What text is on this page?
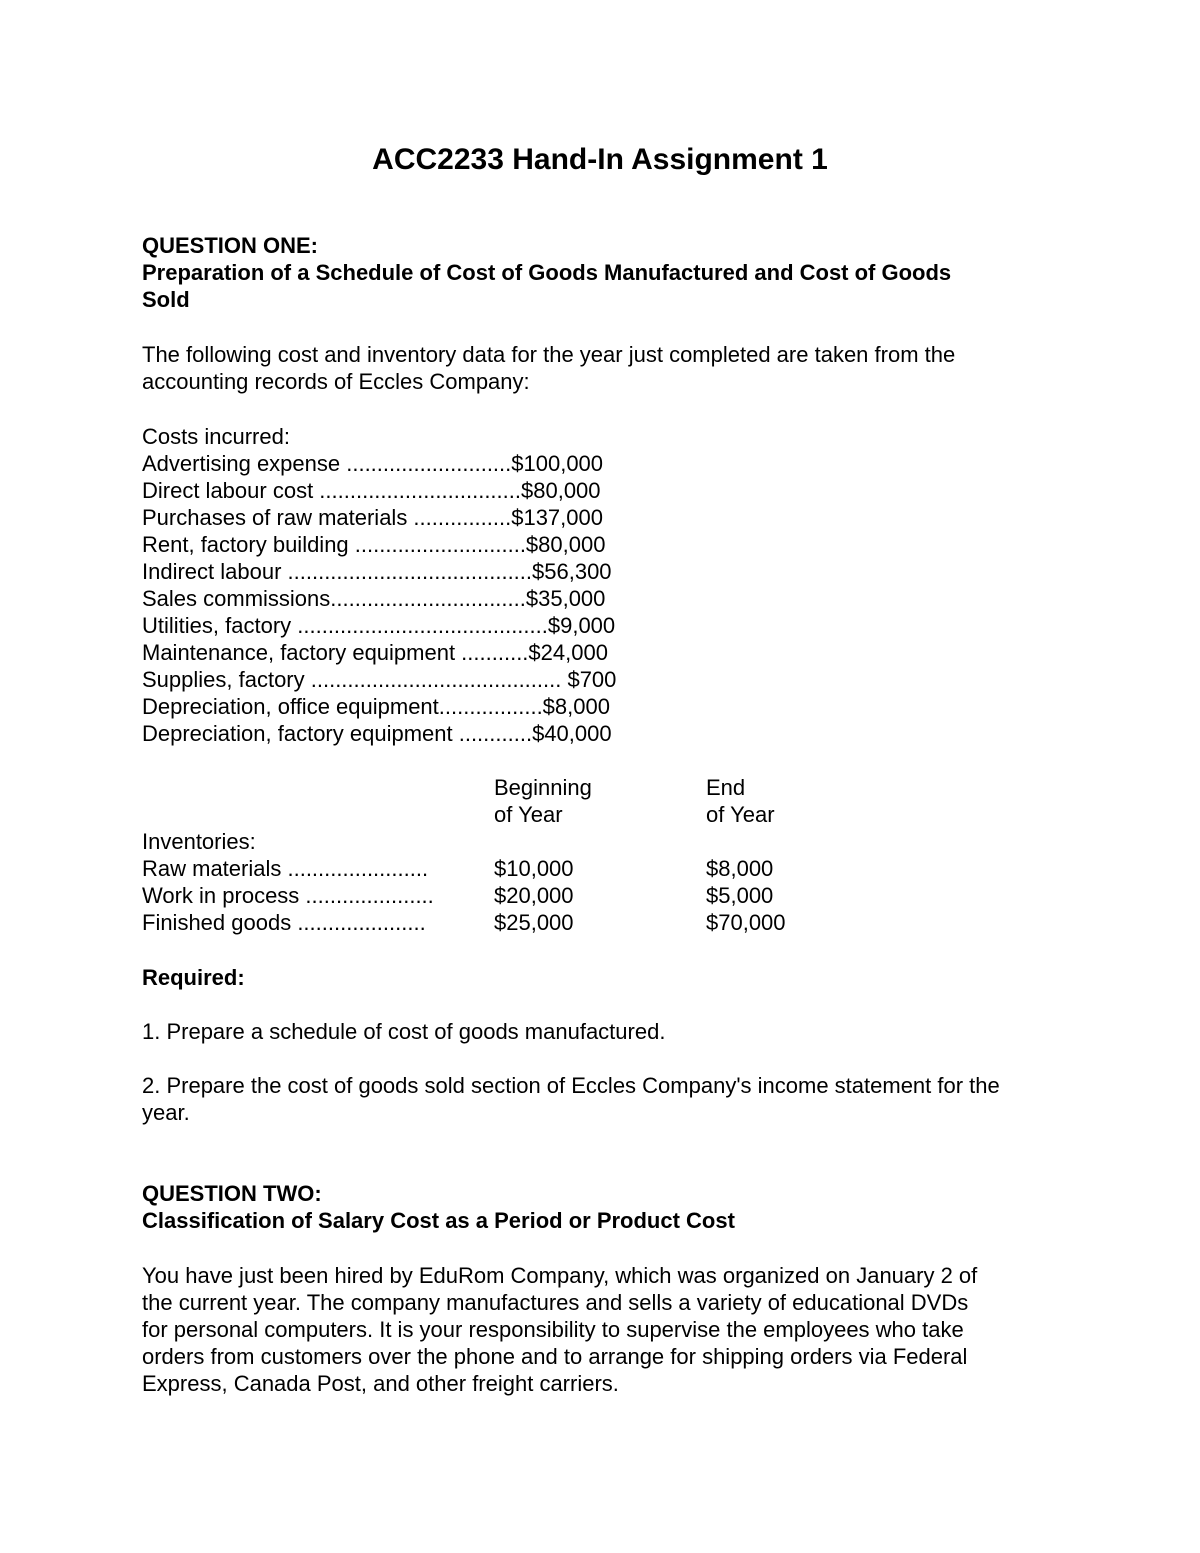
ACC2233 Hand-In Assignment 1
QUESTION ONE:
Preparation of a Schedule of Cost of Goods Manufactured and Cost of Goods
Sold
The following cost and inventory data for the year just completed are taken from the
accounting records of Eccles Company:
Costs incurred:
Advertising expense ...........................$100,000
Direct labour cost .................................$80,000
Purchases of raw materials ................$137,000
Rent, factory building ............................$80,000
Indirect labour ........................................$56,300
Sales commissions................................$35,000
Utilities, factory .........................................$9,000
Maintenance, factory equipment ...........$24,000
Supplies, factory ......................................... $700
Depreciation, office equipment.................$8,000
Depreciation, factory equipment ............$40,000
Beginning	End
of Year	of Year
Inventories:
Raw materials .......................	$10,000	$8,000
Work in process .....................	$20,000	$5,000
Finished goods .....................	$25,000	$70,000
Required:
1. Prepare a schedule of cost of goods manufactured.
2. Prepare the cost of goods sold section of Eccles Company's income statement for the
year.
QUESTION TWO:
Classification of Salary Cost as a Period or Product Cost
You have just been hired by EduRom Company, which was organized on January 2 of
the current year. The company manufactures and sells a variety of educational DVDs
for personal computers. It is your responsibility to supervise the employees who take
orders from customers over the phone and to arrange for shipping orders via Federal
Express, Canada Post, and other freight carriers.
